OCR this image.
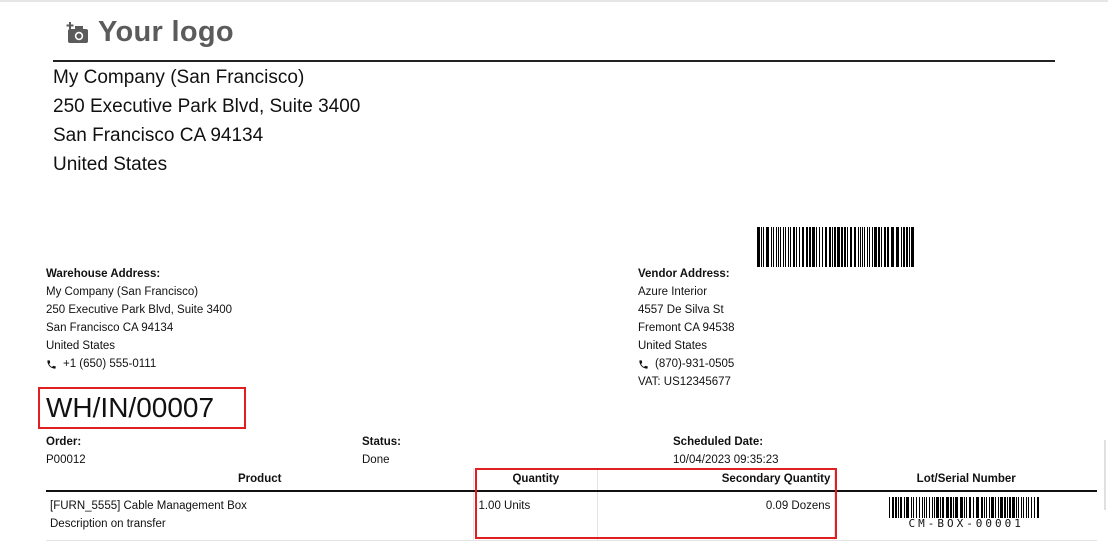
Your logo
My Company (San Francisco)
250 Executive Park Blvd, Suite 3400
San Francisco CA 94134
United States
Warehouse Address:
My Company (San Francisco)
250 Executive Park Blvd, Suite 3400
San Francisco CA 94134
United States
+1 (650) 555-0111
Vendor Address:
Azure Interior
4557 De Silva St
Fremont CA 94538
United States
(870)-931-0505
VAT: US12345677
WH/IN/00007
Order:
P00012
Status:
Done
Scheduled Date:
10/04/2023 09:35:23
Product	Quantity	Secondary Quantity	Lot/Serial Number

[FURN_5555] Cable Management Box
Description on transfer	1.00 Units	0.09 Dozens	CM-BOX-00001
